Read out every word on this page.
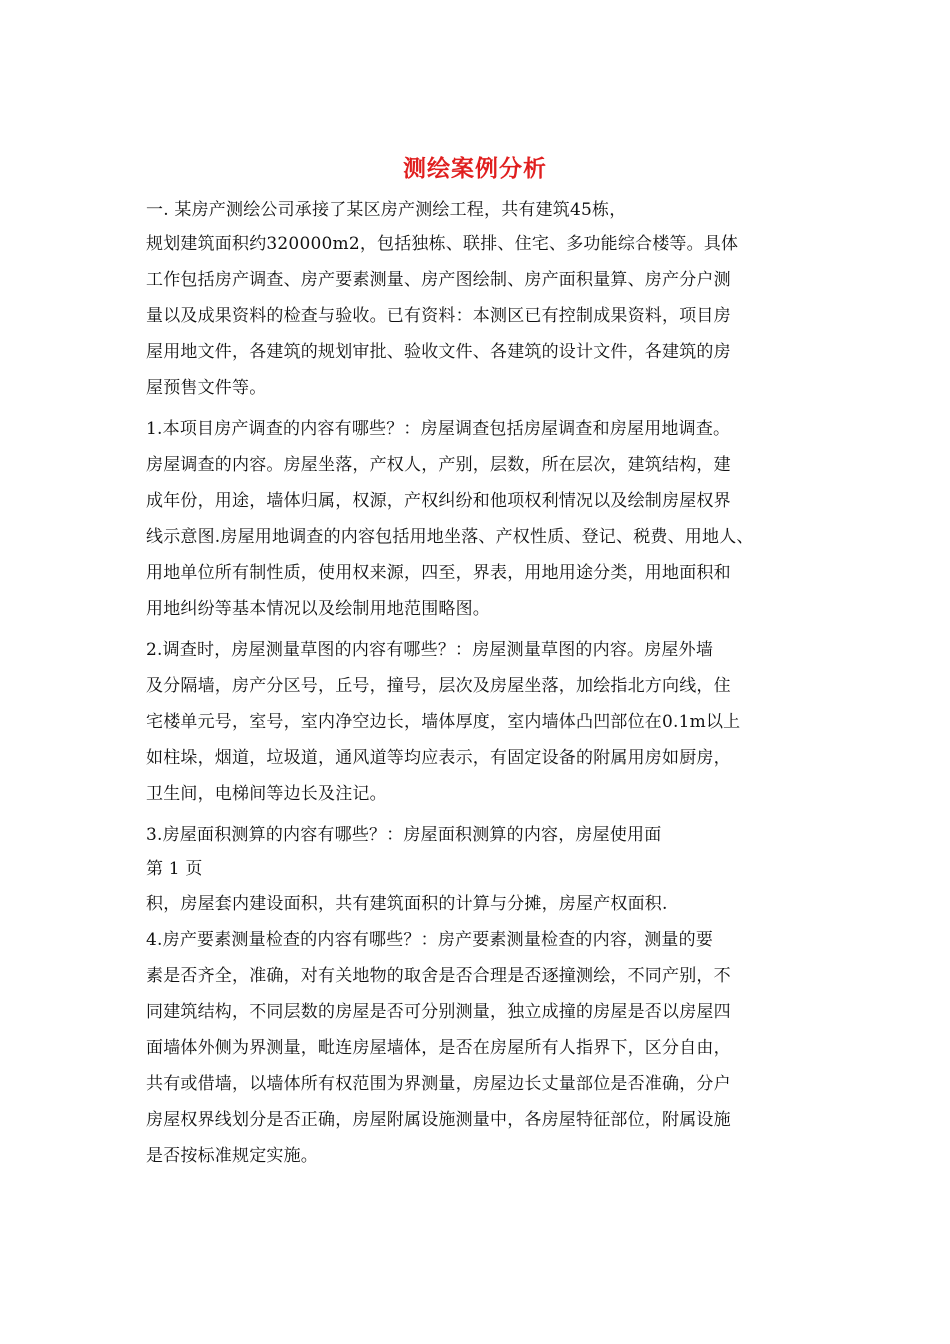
测绘案例分析
一. 某房产测绘公司承接了某区房产测绘工程，共有建筑45栋，
规划建筑面积约320000m2，包括独栋、联排、住宅、多功能综合楼等。具体
工作包括房产调查、房产要素测量、房产图绘制、房产面积量算、房产分户测
量以及成果资料的检查与验收。已有资料：本测区已有控制成果资料，项目房
屋用地文件，各建筑的规划审批、验收文件、各建筑的设计文件，各建筑的房
屋预售文件等。
1.本项目房产调查的内容有哪些？：房屋调查包括房屋调查和房屋用地调查。
房屋调查的内容。房屋坐落，产权人，产别，层数，所在层次，建筑结构，建
成年份，用途，墙体归属，权源，产权纠纷和他项权利情况以及绘制房屋权界
线示意图.房屋用地调查的内容包括用地坐落、产权性质、登记、税费、用地人、
用地单位所有制性质，使用权来源，四至，界表，用地用途分类，用地面积和
用地纠纷等基本情况以及绘制用地范围略图。
2.调查时，房屋测量草图的内容有哪些？：房屋测量草图的内容。房屋外墙
及分隔墙，房产分区号，丘号，撞号，层次及房屋坐落，加绘指北方向线，住
宅楼单元号，室号，室内净空边长，墙体厚度，室内墙体凸凹部位在0.1m以上
如柱垛，烟道，垃圾道，通风道等均应表示，有固定设备的附属用房如厨房，
卫生间，电梯间等边长及注记。
3.房屋面积测算的内容有哪些？：房屋面积测算的内容，房屋使用面
第 1 页
积，房屋套内建设面积，共有建筑面积的计算与分摊，房屋产权面积.
4.房产要素测量检查的内容有哪些？：房产要素测量检查的内容，测量的要
素是否齐全，准确，对有关地物的取舍是否合理是否逐撞测绘，不同产别，不
同建筑结构，不同层数的房屋是否可分别测量，独立成撞的房屋是否以房屋四
面墙体外侧为界测量，毗连房屋墙体，是否在房屋所有人指界下，区分自由，
共有或借墙，以墙体所有权范围为界测量，房屋边长丈量部位是否准确，分户
房屋权界线划分是否正确，房屋附属设施测量中，各房屋特征部位，附属设施
是否按标准规定实施。
